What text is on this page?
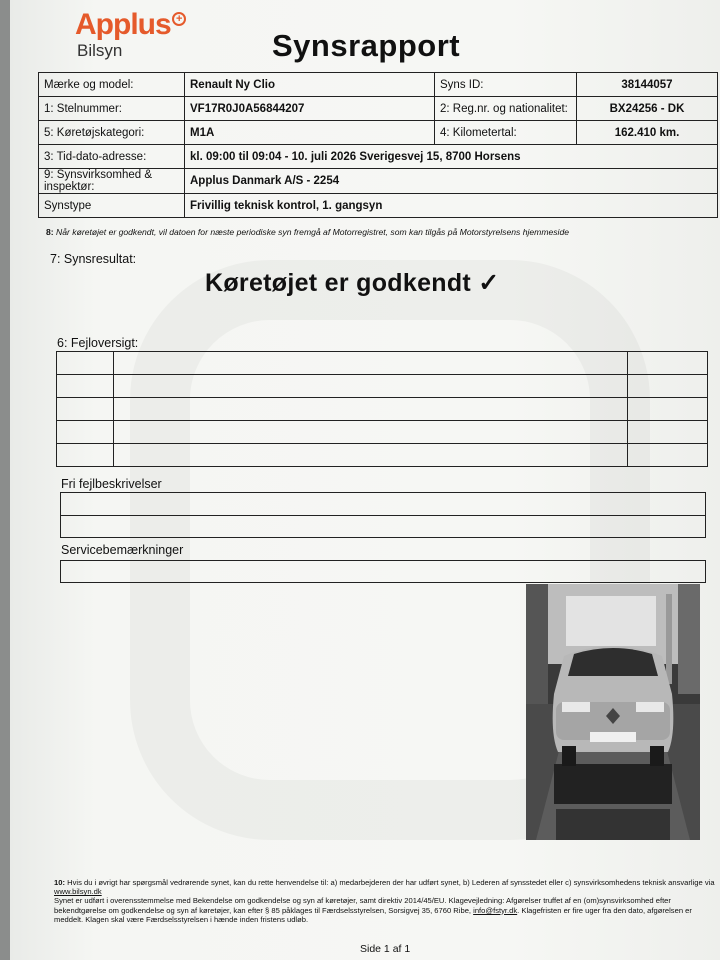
Applus +
Bilsyn	Synsrapport
Mærke og model:	Renault Ny Clio	Syns ID:	38144057
1: Stelnummer:	VF17R0J0A56844207	2: Reg.nr. og nationalitet:	BX24256 - DK
5: Køretøjskategori:	M1A	4: Kilometertal:	162.410 km.
3: Tid-dato-adresse:	kl. 09:00 til 09:04 - 10. juli 2026 Sverigesvej 15, 8700 Horsens		
9: Synsvirksomhed & inspektør:	Applus Danmark A/S - 2254		
Synstype	Frivillig teknisk kontrol, 1. gangsyn		
8: Når køretøjet er godkendt, vil datoen for næste periodiske syn fremgå af Motorregistret, som kan tilgås på Motorstyrelsens hjemmeside
7: Synsresultat:
Køretøjet er godkendt ✓
6: Fejloversigt:

Fri fejlbeskrivelser
Servicebemærkninger
10: Hvis du i øvrigt har spørgsmål vedrørende synet, kan du rette henvendelse til: a) medarbejderen der har udført synet, b) Lederen af synsstedet eller c) synsvirksomhedens teknisk ansvarlige via www.bilsyn.dk
Synet er udført i overensstemmelse med Bekendelse om godkendelse og syn af køretøjer, samt direktiv 2014/45/EU. Klagevejledning: Afgørelser truffet af en (om)synsvirksomhed efter bekendtgørelse om godkendelse og syn af køretøjer, kan efter § 85 påklages til Færdselsstyrelsen, Sorsigvej 35, 6760 Ribe, info@fstyr.dk. Klagefristen er fire uger fra den dato, afgørelsen er meddelt. Klagen skal være Færdselsstyrelsen i hænde inden fristens udløb.
Side 1 af 1
